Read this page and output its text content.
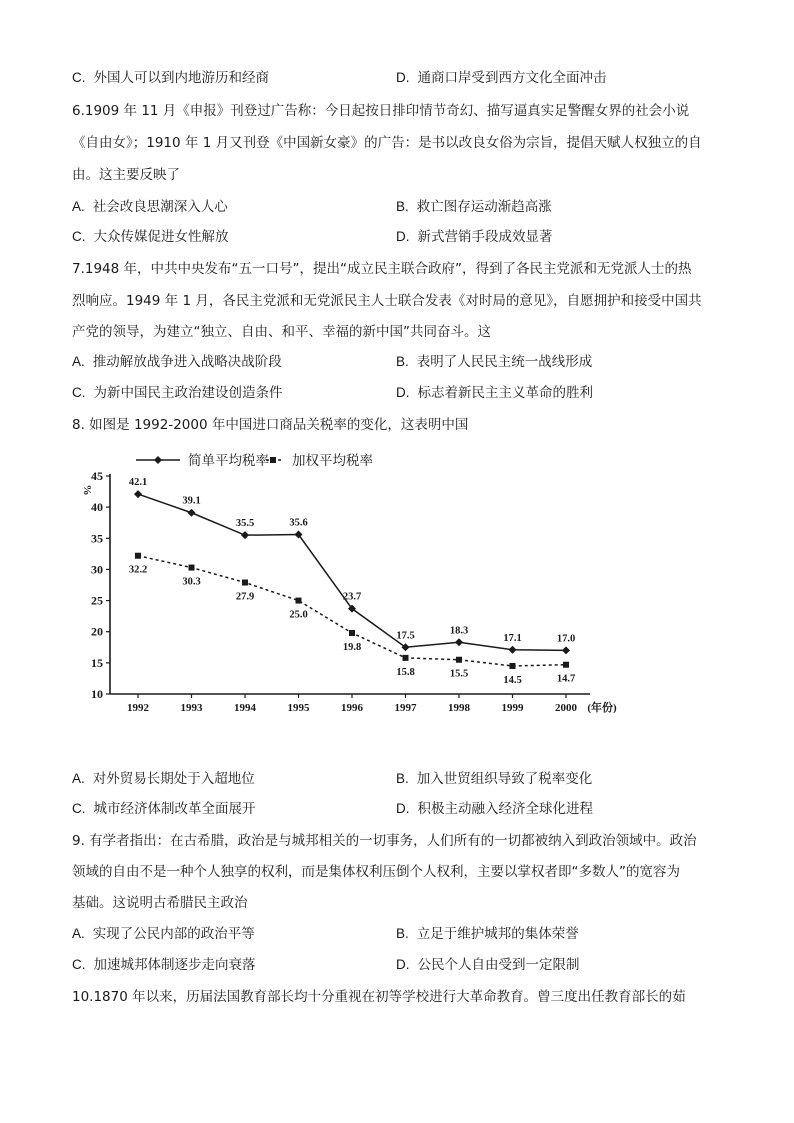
C. 外国人可以到内地游历和经商	D. 通商口岸受到西方文化全面冲击
6.1909 年 11 月《申报》刊登过广告称：今日起按日排印情节奇幻、描写逼真实足警醒女界的社会小说
《自由女》；1910 年 1 月又刊登《中国新女豪》的广告：是书以改良女俗为宗旨，提倡天赋人权独立的自
由。这主要反映了
A. 社会改良思潮深入人心	B. 救亡图存运动渐趋高涨
C. 大众传媒促进女性解放	D. 新式营销手段成效显著
7.1948 年，中共中央发布“五一口号”，提出“成立民主联合政府”，得到了各民主党派和无党派人士的热
烈响应。1949 年 1 月，各民主党派和无党派民主人士联合发表《对时局的意见》，自愿拥护和接受中国共
产党的领导，为建立“独立、自由、和平、幸福的新中国”共同奋斗。这
A. 推动解放战争进入战略决战阶段	B. 表明了人民民主统一战线形成
C. 为新中国民主政治建设创造条件	D. 标志着新民主主义革命的胜利
8. 如图是 1992-2000 年中国进口商品关税率的变化，这表明中国
10
15
20
25
30
35
40
45
%
1992	1993	1994	1995	1996	1997	1998	1999	2000 (年份)
42.1
39.1
35.5	35.6
23.7
17.5	18.3
17.1	17.0
32.2
30.3
27.9
25.0
19.8
15.8	15.5
14.5	14.7
简单平均税率 加权平均税率
A. 对外贸易长期处于入超地位	B. 加入世贸组织导致了税率变化
C. 城市经济体制改革全面展开	D. 积极主动融入经济全球化进程
9. 有学者指出：在古希腊，政治是与城邦相关的一切事务，人们所有的一切都被纳入到政治领域中。政治
领域的自由不是一种个人独享的权利，而是集体权利压倒个人权利，主要以掌权者即“多数人”的宽容为
基础。这说明古希腊民主政治
A. 实现了公民内部的政治平等	B. 立足于维护城邦的集体荣誉
C. 加速城邦体制逐步走向衰落	D. 公民个人自由受到一定限制
10.1870 年以来，历届法国教育部长均十分重视在初等学校进行大革命教育。曾三度出任教育部长的茹
